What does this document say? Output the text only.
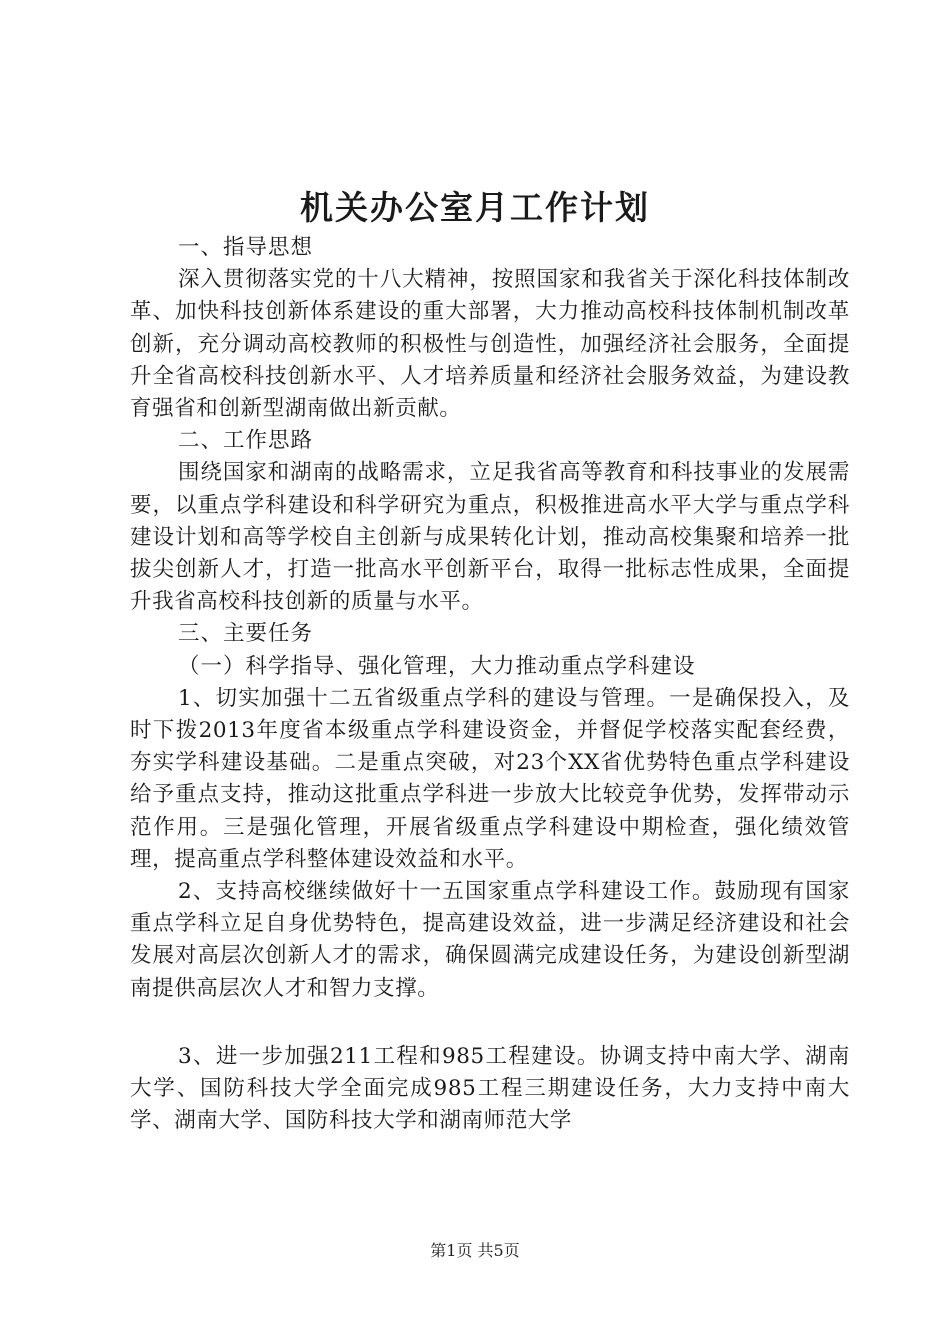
机关办公室月工作计划

一、指导思想

深入贯彻落实党的十八大精神，按照国家和我省关于深化科技体制改革、加快科技创新体系建设的重大部署，大力推动高校科技体制机制改革创新，充分调动高校教师的积极性与创造性，加强经济社会服务，全面提升全省高校科技创新水平、人才培养质量和经济社会服务效益，为建设教育强省和创新型湖南做出新贡献。

二、工作思路

围绕国家和湖南的战略需求，立足我省高等教育和科技事业的发展需要，以重点学科建设和科学研究为重点，积极推进高水平大学与重点学科建设计划和高等学校自主创新与成果转化计划，推动高校集聚和培养一批拔尖创新人才，打造一批高水平创新平台，取得一批标志性成果，全面提升我省高校科技创新的质量与水平。

三、主要任务

（一）科学指导、强化管理，大力推动重点学科建设

1、切实加强十二五省级重点学科的建设与管理。一是确保投入，及时下拨2013年度省本级重点学科建设资金，并督促学校落实配套经费，夯实学科建设基础。二是重点突破，对23个XX省优势特色重点学科建设给予重点支持，推动这批重点学科进一步放大比较竞争优势，发挥带动示范作用。三是强化管理，开展省级重点学科建设中期检查，强化绩效管理，提高重点学科整体建设效益和水平。

2、支持高校继续做好十一五国家重点学科建设工作。鼓励现有国家重点学科立足自身优势特色，提高建设效益，进一步满足经济建设和社会发展对高层次创新人才的需求，确保圆满完成建设任务，为建设创新型湖南提供高层次人才和智力支撑。

3、进一步加强211工程和985工程建设。协调支持中南大学、湖南大学、国防科技大学全面完成985工程三期建设任务，大力支持中南大学、湖南大学、国防科技大学和湖南师范大学

第1页 共5页
